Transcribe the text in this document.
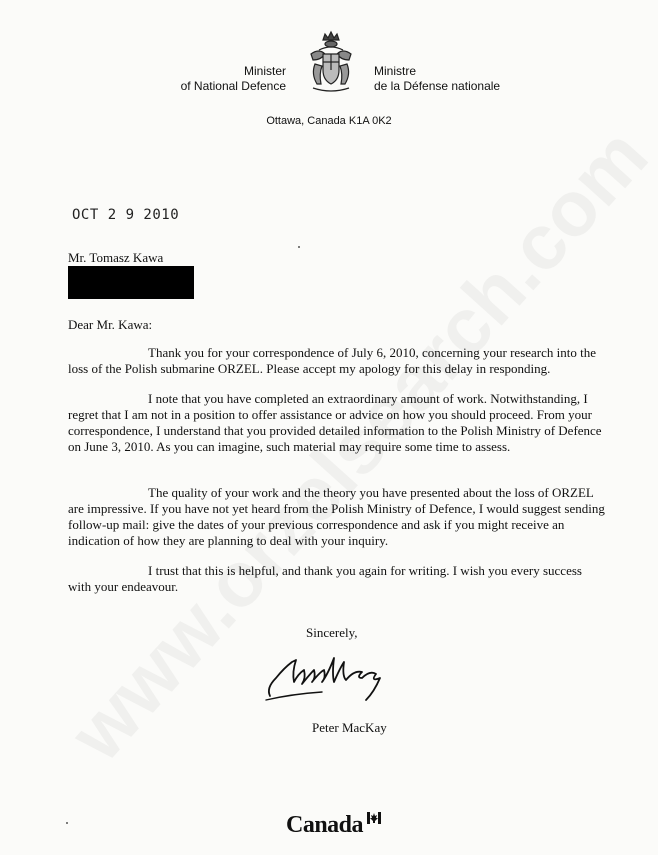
Minister
of National Defence
Ministre
de la Défense nationale
Ottawa, Canada K1A 0K2
OCT 2 9 2010
Mr. Tomasz Kawa
Dear Mr. Kawa:

Thank you for your correspondence of July 6, 2010, concerning your research into the loss of the Polish submarine ORZEL. Please accept my apology for this delay in responding.

I note that you have completed an extraordinary amount of work. Notwithstanding, I regret that I am not in a position to offer assistance or advice on how you should proceed. From your correspondence, I understand that you provided detailed information to the Polish Ministry of Defence on June 3, 2010. As you can imagine, such material may require some time to assess.

The quality of your work and the theory you have presented about the loss of ORZEL are impressive. If you have not yet heard from the Polish Ministry of Defence, I would suggest sending follow-up mail: give the dates of your previous correspondence and ask if you might receive an indication of how they are planning to deal with your inquiry.

I trust that this is helpful, and thank you again for writing. I wish you every success with your endeavour.

Sincerely,
Peter MacKay
Canada
